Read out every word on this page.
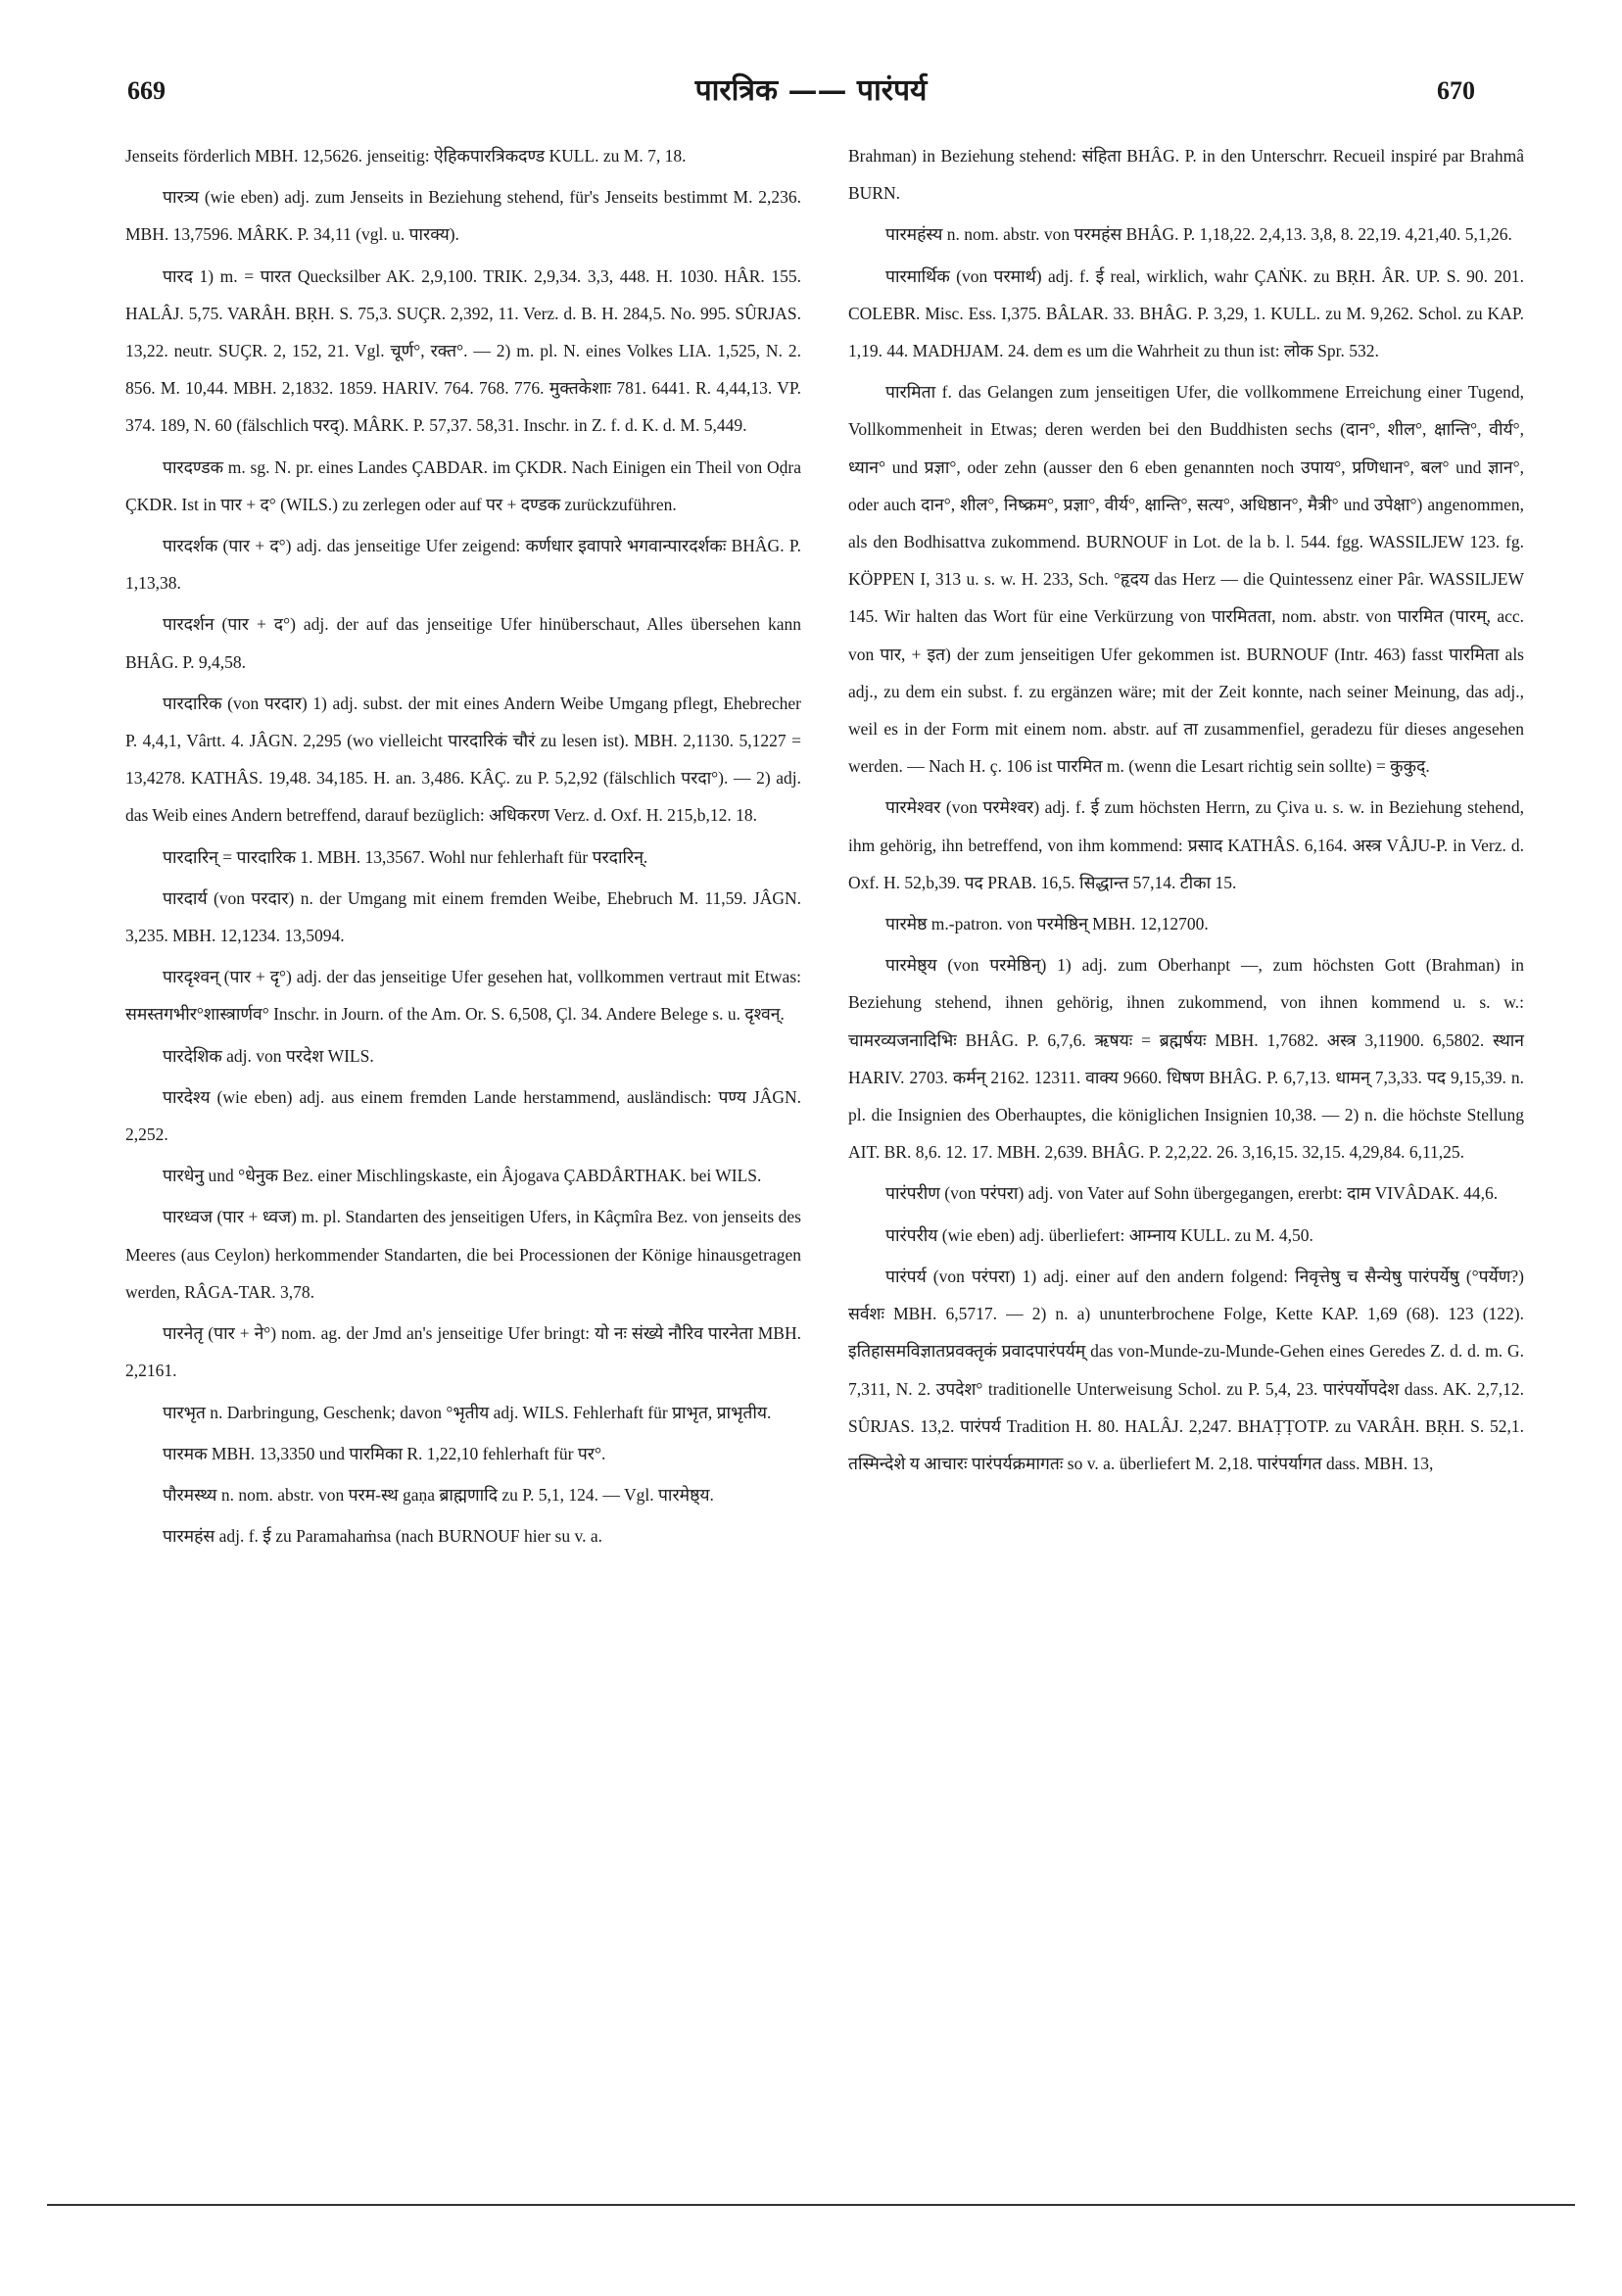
669	पारत्रिक —— पारंपर्य	670

Jenseits förderlich MBH. 12,5626. jenseitig: ऐहिकपारत्रिकदण्ड KULL. zu M. 7, 18.

पारत्र्य (wie eben) adj. zum Jenseits in Beziehung stehend, für's Jenseits bestimmt M. 2,236. MBH. 13,7596. MÂRK. P. 34,11 (vgl. u. पारक्य).

पारद 1) m. = पारत Quecksilber AK. 2,9,100. TRIK. 2,9,34. 3,3, 448. H. 1030. HÂR. 155. HALÂJ. 5,75. VARÂH. BṚH. S. 75,3. SUÇR. 2,392, 11. Verz. d. B. H. 284,5. No. 995. SÛRJAS. 13,22. neutr. SUÇR. 2, 152, 21. Vgl. चूर्ण°, रक्त°. — 2) m. pl. N. eines Volkes LIA. 1,525, N. 2. 856. M. 10,44. MBH. 2,1832. 1859. HARIV. 764. 768. 776. मुक्तकेशाः 781. 6441. R. 4,44,13. VP. 374. 189, N. 60 (fälschlich परद्). MÂRK. P. 57,37. 58,31. Inschr. in Z. f. d. K. d. M. 5,449.

पारदण्डक m. sg. N. pr. eines Landes ÇABDAR. im ÇKDR. Nach Einigen ein Theil von Oḍra ÇKDR. Ist in पार + द° (WILS.) zu zerlegen oder auf पर + दण्डक zurückzuführen.

पारदर्शक (पार + द°) adj. das jenseitige Ufer zeigend: कर्णधार इवापारे भगवान्पारदर्शकः BHÂG. P. 1,13,38.

पारदर्शन (पार + द°) adj. der auf das jenseitige Ufer hinüberschaut, Alles übersehen kann BHÂG. P. 9,4,58.

पारदारिक (von परदार) 1) adj. subst. der mit eines Andern Weibe Umgang pflegt, Ehebrecher P. 4,4,1, Vârtt. 4. JÂGN. 2,295 (wo vielleicht पारदारिकं चौरं zu lesen ist). MBH. 2,1130. 5,1227 = 13,4278. KATHÂS. 19,48. 34,185. H. an. 3,486. KÂÇ. zu P. 5,2,92 (fälschlich परदा°). — 2) adj. das Weib eines Andern betreffend, darauf bezüglich: अधिकरण Verz. d. Oxf. H. 215,b,12. 18.

पारदारिन् = पारदारिक 1. MBH. 13,3567. Wohl nur fehlerhaft für परदारिन्.

पारदार्य (von परदार) n. der Umgang mit einem fremden Weibe, Ehebruch M. 11,59. JÂGN. 3,235. MBH. 12,1234. 13,5094.

पारदृश्वन् (पार + दृ°) adj. der das jenseitige Ufer gesehen hat, vollkommen vertraut mit Etwas: समस्तगभीर°शास्त्रार्णव° Inschr. in Journ. of the Am. Or. S. 6,508, Çl. 34. Andere Belege s. u. दृश्वन्.

पारदेशिक adj. von परदेश WILS.

पारदेश्य (wie eben) adj. aus einem fremden Lande herstammend, ausländisch: पण्य JÂGN. 2,252.

पारधेनु und °धेनुक Bez. einer Mischlingskaste, ein Âjogava ÇABDÂRTHAK. bei WILS.

पारध्वज (पार + ध्वज) m. pl. Standarten des jenseitigen Ufers, in Kâçmîra Bez. von jenseits des Meeres (aus Ceylon) herkommender Standarten, die bei Processionen der Könige hinausgetragen werden, RÂGA-TAR. 3,78.

पारनेतृ (पार + ने°) nom. ag. der Jmd an's jenseitige Ufer bringt: यो नः संख्ये नौरिव पारनेता MBH. 2,2161.

पारभृत n. Darbringung, Geschenk; davon °भृतीय adj. WILS. Fehlerhaft für प्राभृत, प्राभृतीय.

पारमक MBH. 13,3350 und पारमिका R. 1,22,10 fehlerhaft für पर°.

पौरमस्थ्य n. nom. abstr. von परम-स्थ gaṇa ब्राह्मणादि zu P. 5,1, 124. — Vgl. पारमेष्ठ्य.

पारमहंस adj. f. ई zu Paramahaṁsa (nach BURNOUF hier su v. a.

Brahman) in Beziehung stehend: संहिता BHÂG. P. in den Unterschrr. Recueil inspiré par Brahmâ BURN.

पारमहंस्य n. nom. abstr. von परमहंस BHÂG. P. 1,18,22. 2,4,13. 3,8, 8. 22,19. 4,21,40. 5,1,26.

पारमार्थिक (von परमार्थ) adj. f. ई real, wirklich, wahr ÇAṄK. zu BṚH. ÂR. UP. S. 90. 201. COLEBR. Misc. Ess. I,375. BÂLAR. 33. BHÂG. P. 3,29, 1. KULL. zu M. 9,262. Schol. zu KAP. 1,19. 44. MADHJAM. 24. dem es um die Wahrheit zu thun ist: लोक Spr. 532.

पारमिता f. das Gelangen zum jenseitigen Ufer, die vollkommene Erreichung einer Tugend, Vollkommenheit in Etwas; deren werden bei den Buddhisten sechs (दान°, शील°, क्षान्ति°, वीर्य°, ध्यान° und प्रज्ञा°, oder zehn (ausser den 6 eben genannten noch उपाय°, प्रणिधान°, बल° und ज्ञान°, oder auch दान°, शील°, निष्क्रम°, प्रज्ञा°, वीर्य°, क्षान्ति°, सत्य°, अधिष्ठान°, मैत्री° und उपेक्षा°) angenommen, als den Bodhisattva zukommend. BURNOUF in Lot. de la b. l. 544. fgg. WASSILJEW 123. fg. KÖPPEN I, 313 u. s. w. H. 233, Sch. °हृदय das Herz — die Quintessenz einer Pâr. WASSILJEW 145. Wir halten das Wort für eine Verkürzung von पारमितता, nom. abstr. von पारमित (पारम्, acc. von पार, + इत) der zum jenseitigen Ufer gekommen ist. BURNOUF (Intr. 463) fasst पारमिता als adj., zu dem ein subst. f. zu ergänzen wäre; mit der Zeit konnte, nach seiner Meinung, das adj., weil es in der Form mit einem nom. abstr. auf ता zusammenfiel, geradezu für dieses angesehen werden. — Nach H. ç. 106 ist पारमित m. (wenn die Lesart richtig sein sollte) = कुकुद्.

पारमेश्वर (von परमेश्वर) adj. f. ई zum höchsten Herrn, zu Çiva u. s. w. in Beziehung stehend, ihm gehörig, ihn betreffend, von ihm kommend: प्रसाद KATHÂS. 6,164. अस्त्र VÂJU-P. in Verz. d. Oxf. H. 52,b,39. पद PRAB. 16,5. सिद्धान्त 57,14. टीका 15.

पारमेष्ठ m.-patron. von परमेष्ठिन् MBH. 12,12700.

पारमेष्ठ्य (von परमेष्ठिन्) 1) adj. zum Oberhanpt —, zum höchsten Gott (Brahman) in Beziehung stehend, ihnen gehörig, ihnen zukommend, von ihnen kommend u. s. w.: चामरव्यजनादिभिः BHÂG. P. 6,7,6. ऋषयः = ब्रह्मर्षयः MBH. 1,7682. अस्त्र 3,11900. 6,5802. स्थान HARIV. 2703. कर्मन् 2162. 12311. वाक्य 9660. धिषण BHÂG. P. 6,7,13. धामन् 7,3,33. पद 9,15,39. n. pl. die Insignien des Oberhauptes, die königlichen Insignien 10,38. — 2) n. die höchste Stellung AIT. BR. 8,6. 12. 17. MBH. 2,639. BHÂG. P. 2,2,22. 26. 3,16,15. 32,15. 4,29,84. 6,11,25.

पारंपरीण (von परंपरा) adj. von Vater auf Sohn übergegangen, ererbt: दाम VIVÂDAK. 44,6.

पारंपरीय (wie eben) adj. überliefert: आम्नाय KULL. zu M. 4,50.

पारंपर्य (von परंपरा) 1) adj. einer auf den andern folgend: निवृत्तेषु च सैन्येषु पारंपर्येषु (°पर्येण?) सर्वशः MBH. 6,5717. — 2) n. a) ununterbrochene Folge, Kette KAP. 1,69 (68). 123 (122). इतिहासमविज्ञातप्रवक्तृकं प्रवादपारंपर्यम् das von-Munde-zu-Munde-Gehen eines Geredes Z. d. d. m. G. 7,311, N. 2. उपदेश° traditionelle Unterweisung Schol. zu P. 5,4, 23. पारंपर्योपदेश dass. AK. 2,7,12. SÛRJAS. 13,2. पारंपर्य Tradition H. 80. HALÂJ. 2,247. BHAṬṬOTP. zu VARÂH. BṚH. S. 52,1. तस्मिन्देशे य आचारः पारंपर्यक्रमागतः so v. a. überliefert M. 2,18. पारंपर्यागत dass. MBH. 13,
